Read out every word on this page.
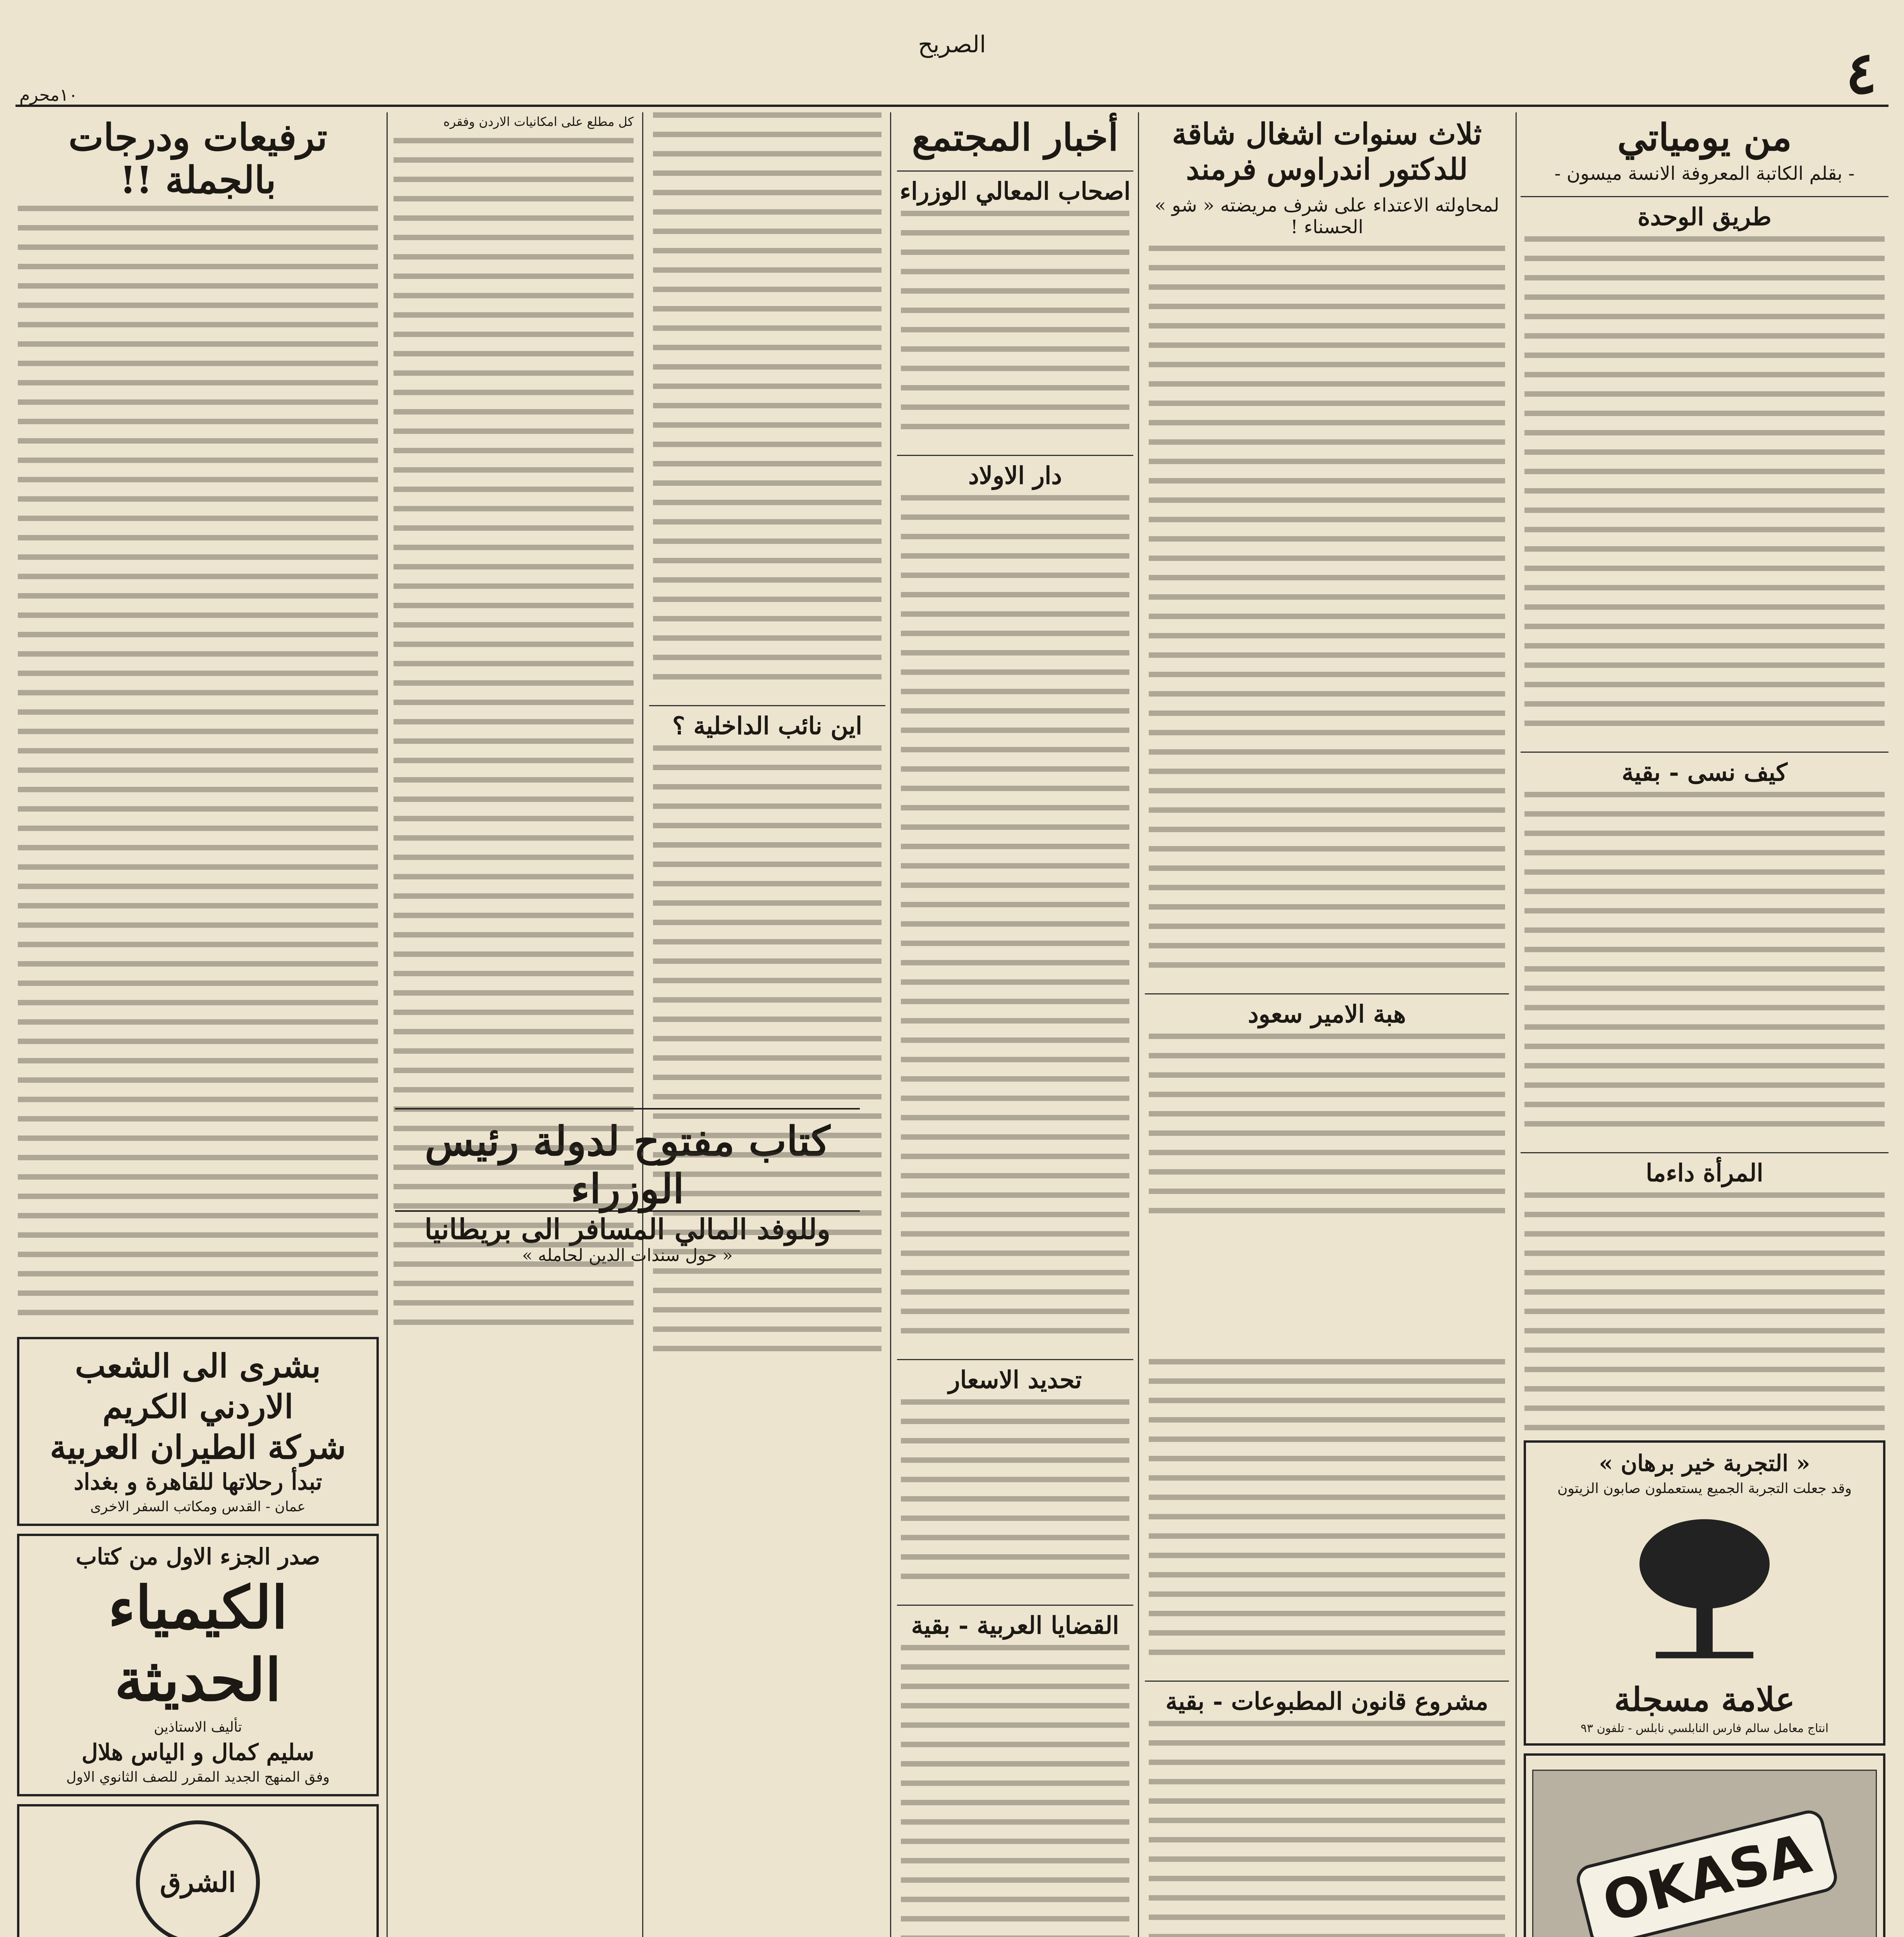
٤
الصريح
١٠محرم
من يومياتي
- بقلم الكاتبة المعروفة الانسة ميسون -
طريق الوحدة
كيف نسى - بقية
المرأة داءما
« التجربة خير برهان »
وقد جعلت التجربة الجميع يستعملون صابون الزيتون
علامة مسجلة
انتاج معامل سالم فارس النابلسي نابلس - تلفون ٩٣
OKASA
ثلاث سنوات اشغال شاقة للدكتور اندراوس فرمند
لمحاولته الاعتداء على شرف مريضته « شو » الحسناء !
هبة الامير سعود
مشروع قانون المطبوعات - بقية
كتاب مفتوح لدولة رئيس الوزراء
وللوفد المالي المسافر الى بريطانيا
« حول سندات الدين لحامله »
أخبار المجتمع
اصحاب المعالي الوزراء
دار الاولاد
تحديد الاسعار
القضايا العربية - بقية
اين نائب الداخلية ؟
كل مطلع على امكانيات الاردن وفقره
ترفيعات ودرجات بالجملة !!
بشرى الى الشعب الاردني الكريم
شركة الطيران العربية
تبدأ رحلاتها للقاهرة و بغداد
عمان - القدس ومكاتب السفر الاخرى
صدر الجزء الاول من كتاب
الكيمياء الحديثة
تأليف الاستاذين
سليم كمال و الياس هلال
وفق المنهج الجديد المقرر للصف الثانوي الاول
الشرق
